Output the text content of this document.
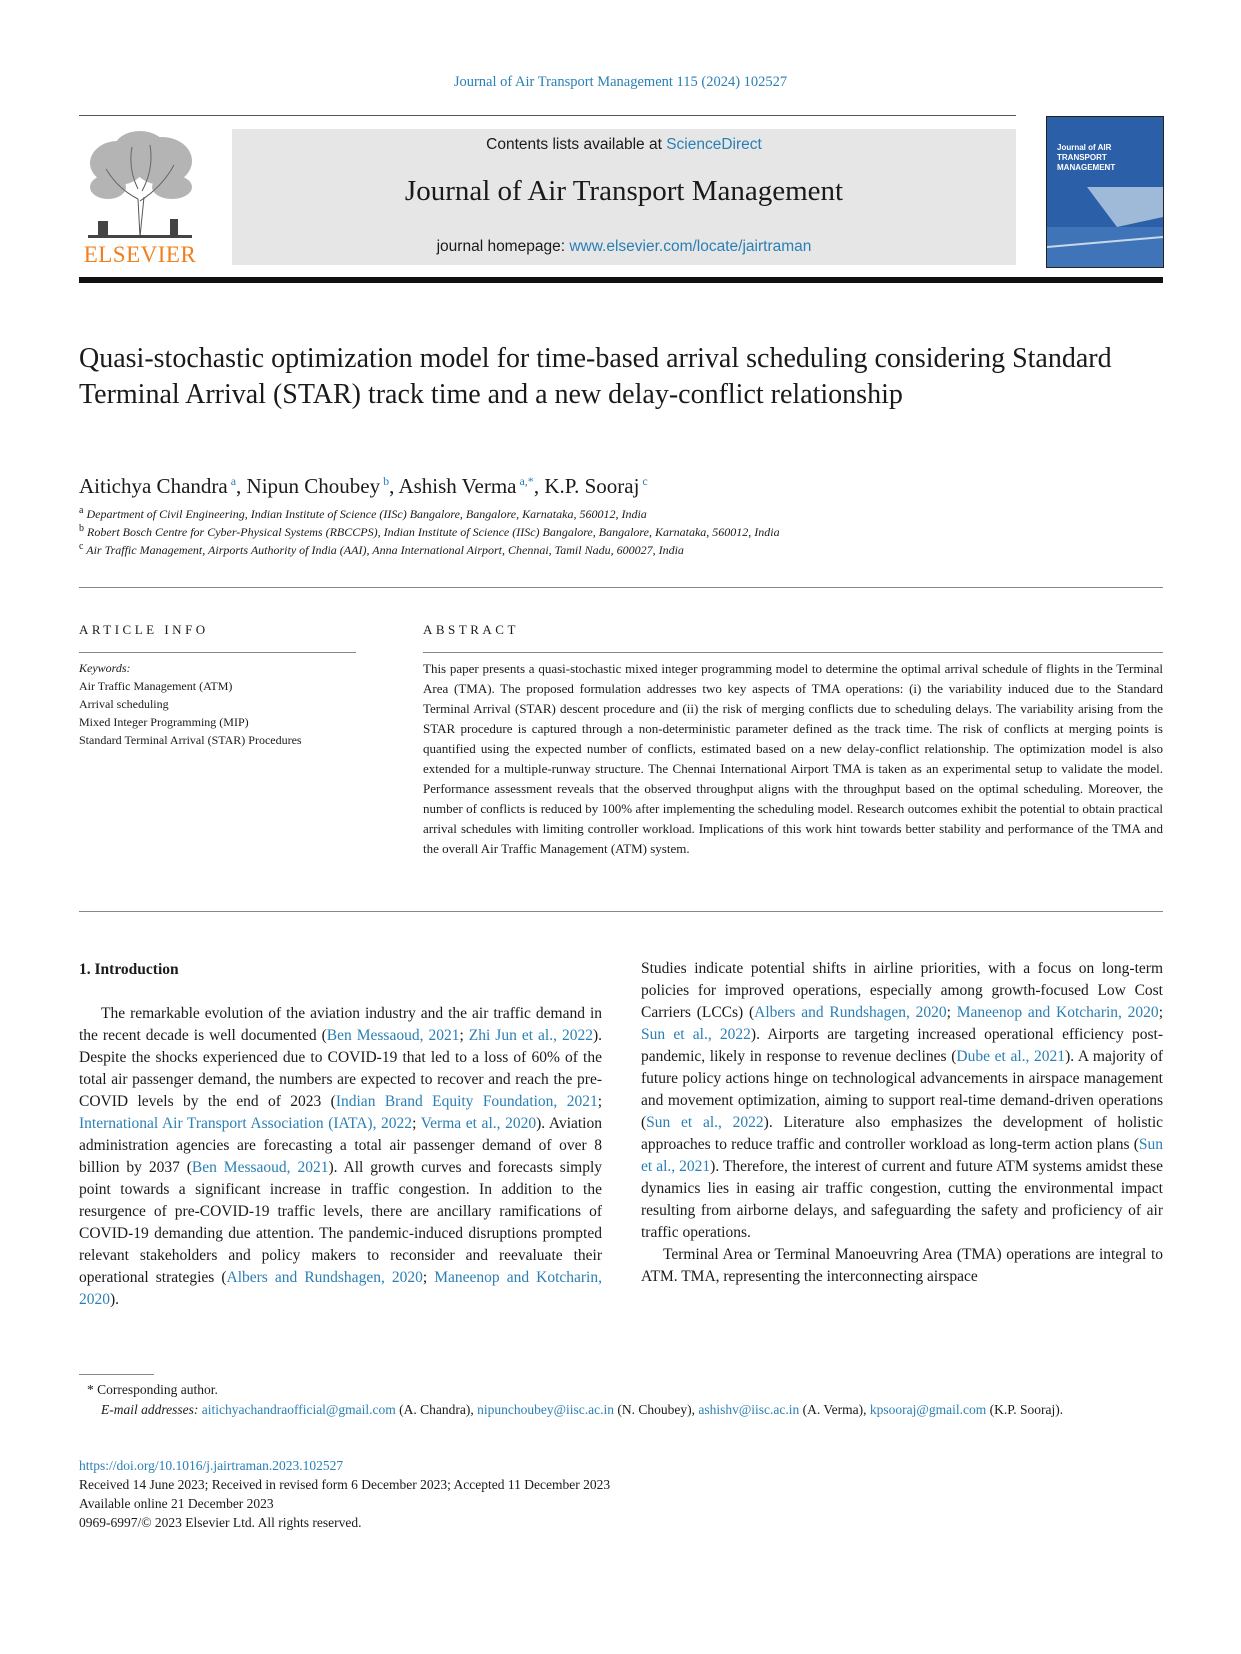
Journal of Air Transport Management 115 (2024) 102527
ELSEVIER
Contents lists available at ScienceDirect
Journal of Air Transport Management
journal homepage: www.elsevier.com/locate/jairtraman
Journal of AIR TRANSPORT MANAGEMENT
Quasi-stochastic optimization model for time-based arrival scheduling considering Standard Terminal Arrival (STAR) track time and a new delay-conflict relationship
Aitichya Chandra $^a$, Nipun Choubey $^b$, Ashish Verma $^{a,*}$, K.P. Sooraj $^c$
$^a$ Department of Civil Engineering, Indian Institute of Science (IISc) Bangalore, Bangalore, Karnataka, 560012, India
$^b$ Robert Bosch Centre for Cyber-Physical Systems (RBCCPS), Indian Institute of Science (IISc) Bangalore, Bangalore, Karnataka, 560012, India
$^c$ Air Traffic Management, Airports Authority of India (AAI), Anna International Airport, Chennai, Tamil Nadu, 600027, India
ARTICLE INFO	ABSTRACT
Keywords:
Air Traffic Management (ATM)
Arrival scheduling
Mixed Integer Programming (MIP)
Standard Terminal Arrival (STAR) Procedures
This paper presents a quasi-stochastic mixed integer programming model to determine the optimal arrival schedule of flights in the Terminal Area (TMA). The proposed formulation addresses two key aspects of TMA operations: (i) the variability induced due to the Standard Terminal Arrival (STAR) descent procedure and (ii) the risk of merging conflicts due to scheduling delays. The variability arising from the STAR procedure is captured through a non-deterministic parameter defined as the track time. The risk of conflicts at merging points is quantified using the expected number of conflicts, estimated based on a new delay-conflict relationship. The optimization model is also extended for a multiple-runway structure. The Chennai International Airport TMA is taken as an experimental setup to validate the model. Performance assessment reveals that the observed throughput aligns with the throughput based on the optimal scheduling. Moreover, the number of conflicts is reduced by 100% after implementing the scheduling model. Research outcomes exhibit the potential to obtain practical arrival schedules with limiting controller workload. Implications of this work hint towards better stability and performance of the TMA and the overall Air Traffic Management (ATM) system.
1. Introduction
The remarkable evolution of the aviation industry and the air traffic demand in the recent decade is well documented (Ben Messaoud, 2021; Zhi Jun et al., 2022). Despite the shocks experienced due to COVID-19 that led to a loss of 60% of the total air passenger demand, the numbers are expected to recover and reach the pre-COVID levels by the end of 2023 (Indian Brand Equity Foundation, 2021; International Air Transport Association (IATA), 2022; Verma et al., 2020). Aviation administration agencies are forecasting a total air passenger demand of over 8 billion by 2037 (Ben Messaoud, 2021). All growth curves and forecasts simply point towards a significant increase in traffic congestion. In addition to the resurgence of pre-COVID-19 traffic levels, there are ancillary ramifications of COVID-19 demanding due attention. The pandemic-induced disruptions prompted relevant stakeholders and policy makers to reconsider and reevaluate their operational strategies (Albers and Rundshagen, 2020; Maneenop and Kotcharin, 2020).
Studies indicate potential shifts in airline priorities, with a focus on long-term policies for improved operations, especially among growth-focused Low Cost Carriers (LCCs) (Albers and Rundshagen, 2020; Maneenop and Kotcharin, 2020; Sun et al., 2022). Airports are targeting increased operational efficiency post-pandemic, likely in response to revenue declines (Dube et al., 2021). A majority of future policy actions hinge on technological advancements in airspace management and movement optimization, aiming to support real-time demand-driven operations (Sun et al., 2022). Literature also emphasizes the development of holistic approaches to reduce traffic and controller workload as long-term action plans (Sun et al., 2021). Therefore, the interest of current and future ATM systems amidst these dynamics lies in easing air traffic congestion, cutting the environmental impact resulting from airborne delays, and safeguarding the safety and proficiency of air traffic operations.
Terminal Area or Terminal Manoeuvring Area (TMA) operations are integral to ATM. TMA, representing the interconnecting airspace
* Corresponding author.
E-mail addresses: aitichyachandraofficial@gmail.com (A. Chandra), nipunchoubey@iisc.ac.in (N. Choubey), ashishv@iisc.ac.in (A. Verma), kpsooraj@gmail.com (K.P. Sooraj).
https://doi.org/10.1016/j.jairtraman.2023.102527
Received 14 June 2023; Received in revised form 6 December 2023; Accepted 11 December 2023
Available online 21 December 2023
0969-6997/© 2023 Elsevier Ltd. All rights reserved.
